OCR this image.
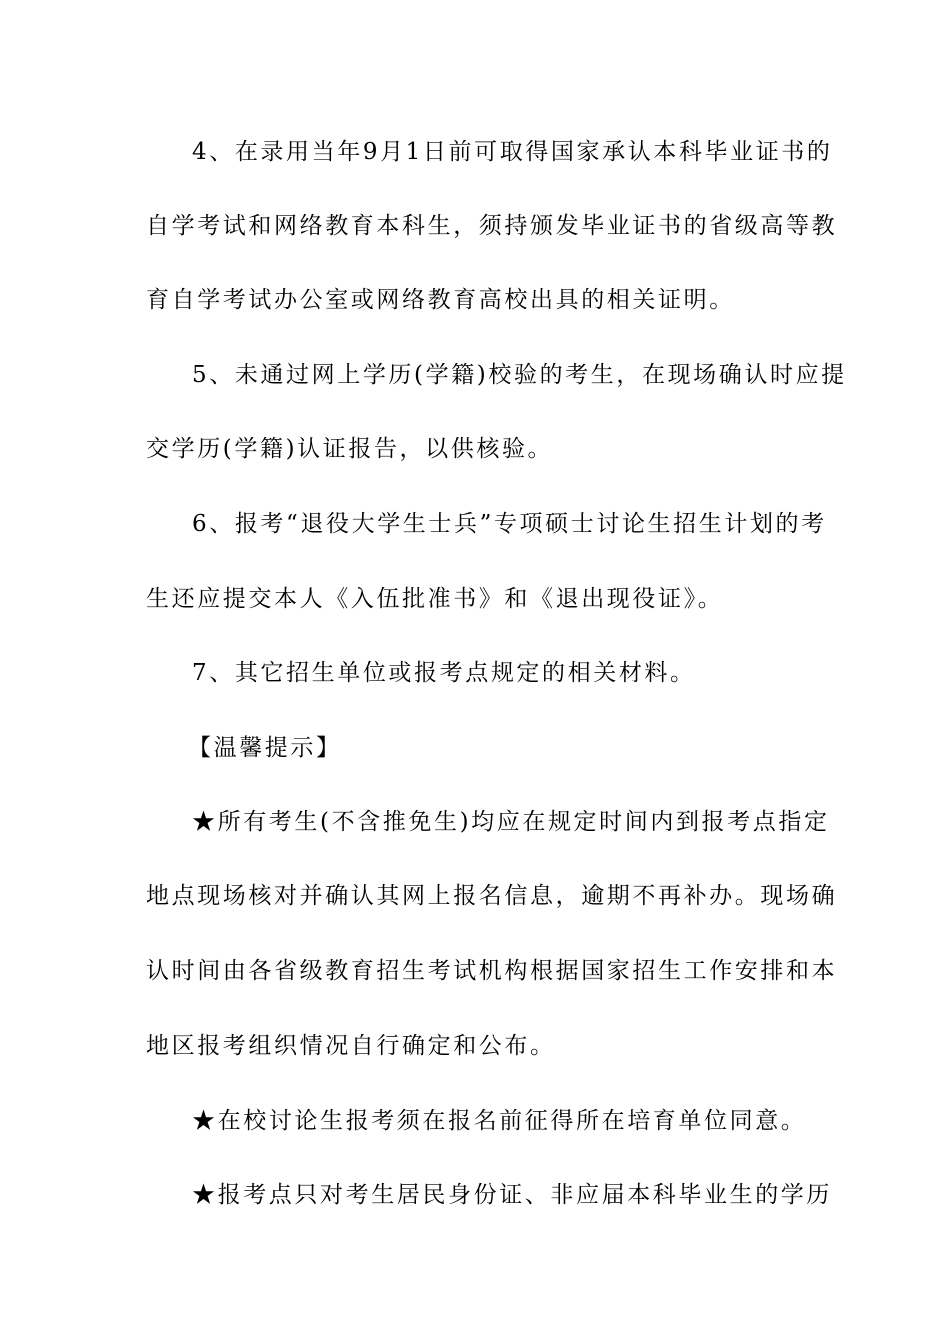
4、在录用当年9月1日前可取得国家承认本科毕业证书的
自学考试和网络教育本科生，须持颁发毕业证书的省级高等教
育自学考试办公室或网络教育高校出具的相关证明。
5、未通过网上学历(学籍)校验的考生，在现场确认时应提
交学历(学籍)认证报告，以供核验。
6、报考“退役大学生士兵”专项硕士讨论生招生计划的考
生还应提交本人《入伍批准书》和《退出现役证》。
7、其它招生单位或报考点规定的相关材料。
【温馨提示】
★所有考生(不含推免生)均应在规定时间内到报考点指定
地点现场核对并确认其网上报名信息，逾期不再补办。现场确
认时间由各省级教育招生考试机构根据国家招生工作安排和本
地区报考组织情况自行确定和公布。
★在校讨论生报考须在报名前征得所在培育单位同意。
★报考点只对考生居民身份证、非应届本科毕业生的学历
